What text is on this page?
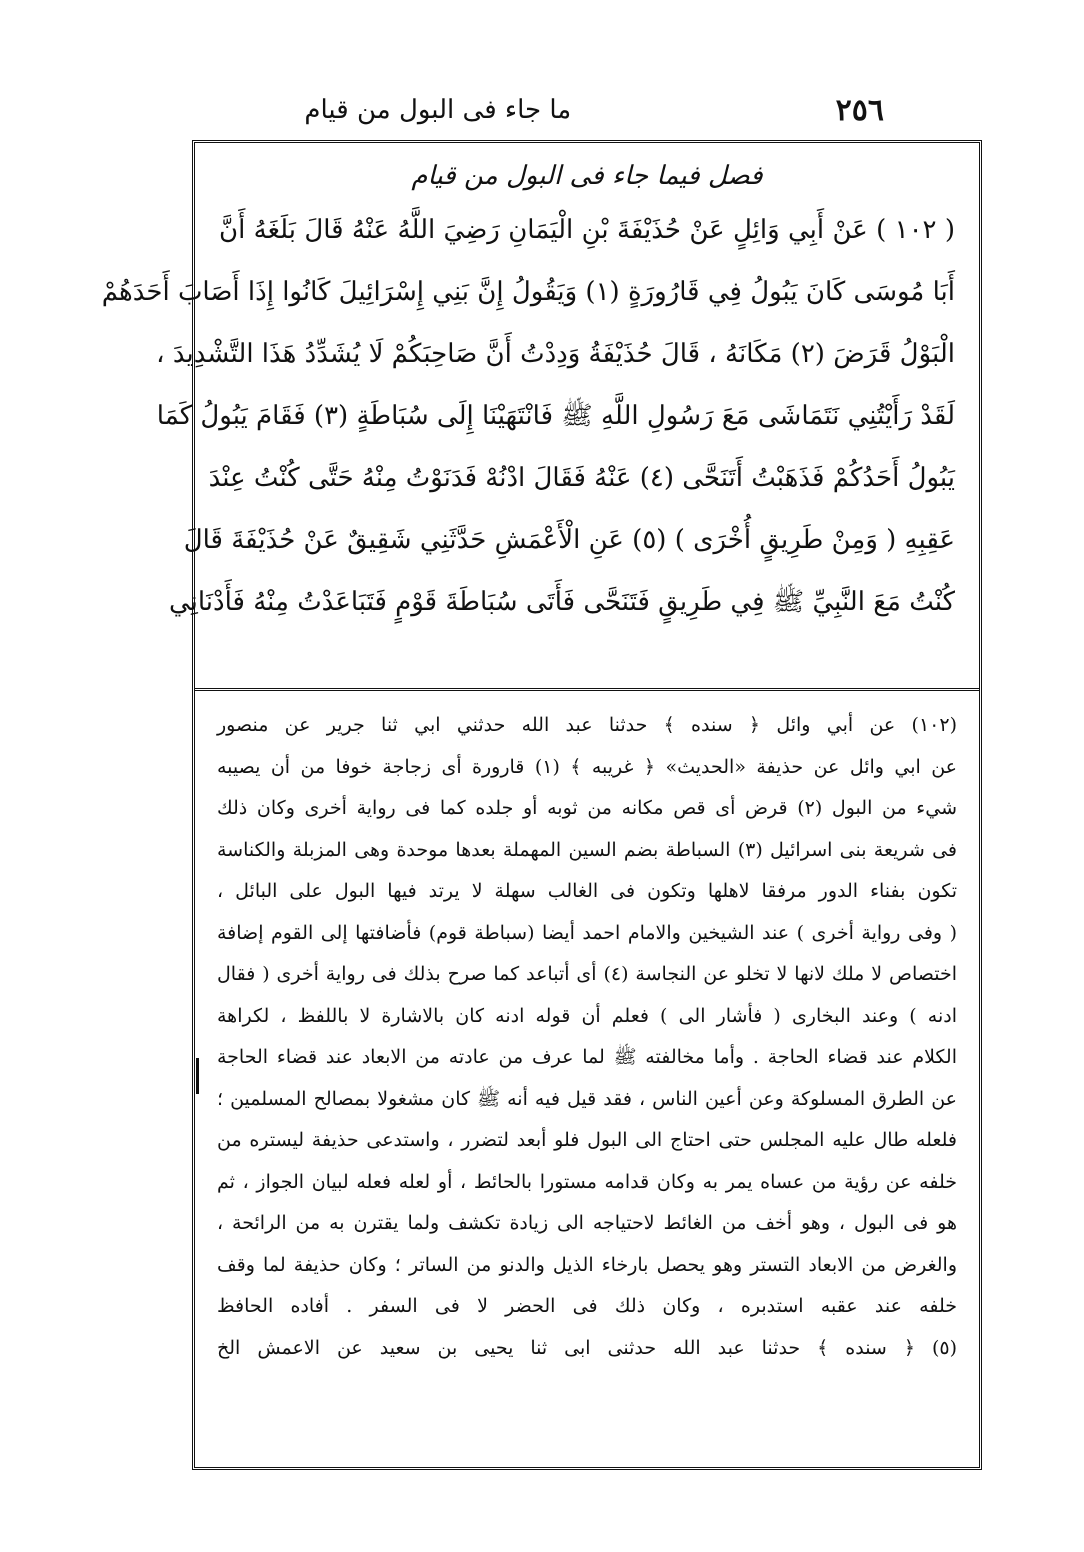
٢٥٦
ما جاء فى البول من قيام
فصل فيما جاء فى البول من قيام
( ١٠٢ ) عَنْ أَبِي وَائِلٍ عَنْ حُذَيْفَةَ بْنِ الْيَمَانِ رَضِيَ اللَّهُ عَنْهُ قَالَ بَلَغَهُ أَنَّ
أَبَا مُوسَى كَانَ يَبُولُ فِي قَارُورَةٍ (١) وَيَقُولُ إِنَّ بَنِي إِسْرَائِيلَ كَانُوا إِذَا أَصَابَ أَحَدَهُمْ
الْبَوْلُ قَرَضَ (٢) مَكَانَهُ ، قَالَ حُذَيْفَةُ وَدِدْتُ أَنَّ صَاحِبَكُمْ لَا يُشَدِّدُ هَذَا التَّشْدِيدَ ،
لَقَدْ رَأَيْتُنِي نَتَمَاشَى مَعَ رَسُولِ اللَّهِ ﷺ فَانْتَهَيْنَا إِلَى سُبَاطَةٍ (٣) فَقَامَ يَبُولُ كَمَا
يَبُولُ أَحَدُكُمْ فَذَهَبْتُ أَتَنَحَّى (٤) عَنْهُ فَقَالَ ادْنُهْ فَدَنَوْتُ مِنْهُ حَتَّى كُنْتُ عِنْدَ
عَقِبِهِ ( وَمِنْ طَرِيقٍ أُخْرَى ) (٥) عَنِ الْأَعْمَشِ حَدَّثَنِي شَقِيقٌ عَنْ حُذَيْفَةَ قَالَ
كُنْتُ مَعَ النَّبِيِّ ﷺ فِي طَرِيقٍ فَتَنَحَّى فَأَتَى سُبَاطَةَ قَوْمٍ فَتَبَاعَدْتُ مِنْهُ فَأَدْنَانِي
(١٠٢) عن أبي وائل ﴿ سنده ﴾ حدثنا عبد الله حدثني ابي ثنا جرير عن منصور
عن ابي وائل عن حذيفة «الحديث» ﴿ غريبه ﴾ (١) قارورة أى زجاجة خوفا من أن يصيبه
شيء من البول (٢) قرض أى قص مكانه من ثوبه أو جلده كما فى رواية أخرى وكان ذلك
فى شريعة بنى اسرائيل (٣) السباطة بضم السين المهملة بعدها موحدة وهى المزبلة والكناسة
تكون بفناء الدور مرفقا لاهلها وتكون فى الغالب سهلة لا يرتد فيها البول على البائل ،
( وفى رواية أخرى ) عند الشيخين والامام احمد أيضا (سباطة قوم) فأضافتها إلى القوم إضافة
اختصاص لا ملك لانها لا تخلو عن النجاسة (٤) أى أتباعد كما صرح بذلك فى رواية أخرى ( فقال
ادنه ) وعند البخارى ( فأشار الى ) فعلم أن قوله ادنه كان بالاشارة لا باللفظ ، لكراهة
الكلام عند قضاء الحاجة . وأما مخالفته ﷺ لما عرف من عادته من الابعاد عند قضاء الحاجة
عن الطرق المسلوكة وعن أعين الناس ، فقد قيل فيه أنه ﷺ كان مشغولا بمصالح المسلمين ؛
فلعله طال عليه المجلس حتى احتاج الى البول فلو أبعد لتضرر ، واستدعى حذيفة ليستره من
خلفه عن رؤية من عساه يمر به وكان قدامه مستورا بالحائط ، أو لعله فعله لبيان الجواز ، ثم
هو فى البول ، وهو أخف من الغائط لاحتياجه الى زيادة تكشف ولما يقترن به من الرائحة ،
والغرض من الابعاد التستر وهو يحصل بارخاء الذيل والدنو من الساتر ؛ وكان حذيفة لما وقف
خلفه عند عقبه استدبره ، وكان ذلك فى الحضر لا فى السفر . أفاده الحافظ
(٥) ﴿ سنده ﴾ حدثنا عبد الله حدثنى ابى ثنا يحيى بن سعيد عن الاعمش الخ
